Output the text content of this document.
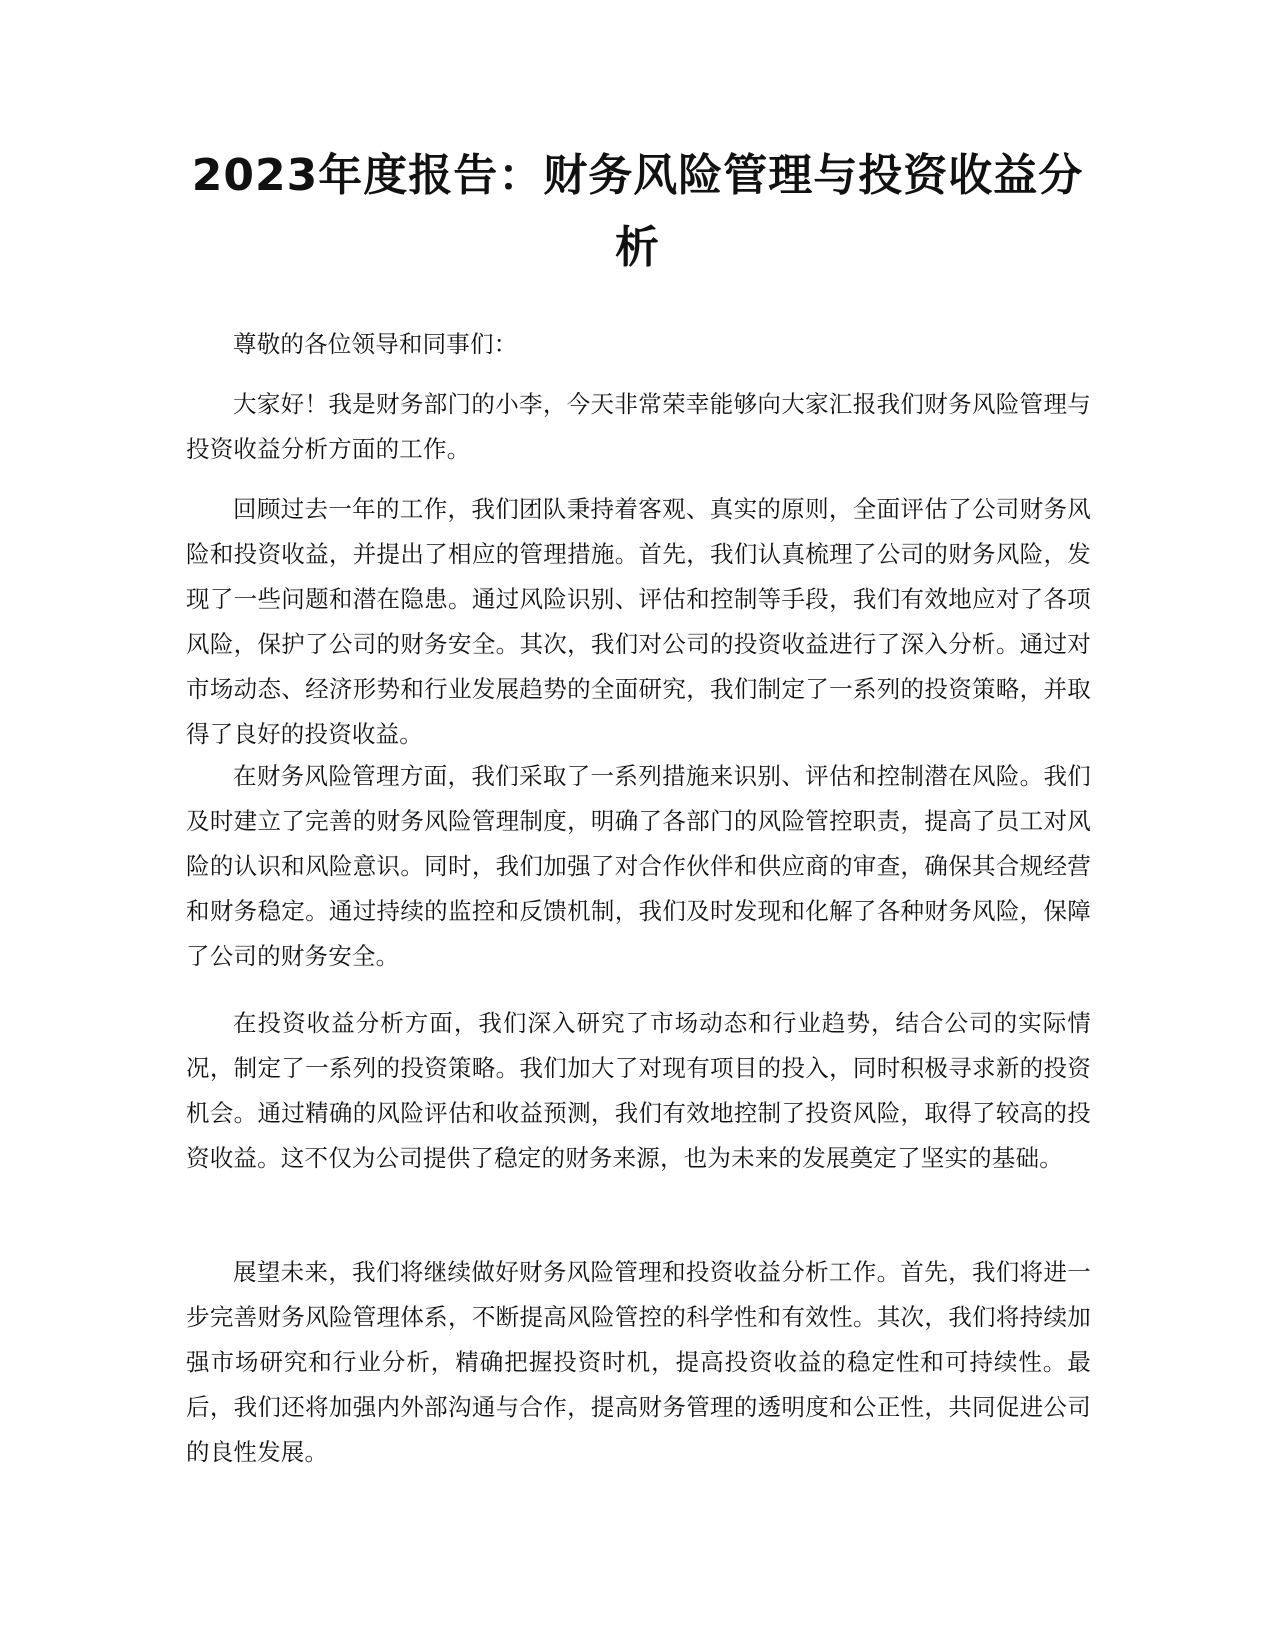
2023年度报告：财务风险管理与投资收益分析

尊敬的各位领导和同事们：

大家好！我是财务部门的小李，今天非常荣幸能够向大家汇报我们财务风险管理与投资收益分析方面的工作。

回顾过去一年的工作，我们团队秉持着客观、真实的原则，全面评估了公司财务风险和投资收益，并提出了相应的管理措施。首先，我们认真梳理了公司的财务风险，发现了一些问题和潜在隐患。通过风险识别、评估和控制等手段，我们有效地应对了各项风险，保护了公司的财务安全。其次，我们对公司的投资收益进行了深入分析。通过对市场动态、经济形势和行业发展趋势的全面研究，我们制定了一系列的投资策略，并取得了良好的投资收益。

在财务风险管理方面，我们采取了一系列措施来识别、评估和控制潜在风险。我们及时建立了完善的财务风险管理制度，明确了各部门的风险管控职责，提高了员工对风险的认识和风险意识。同时，我们加强了对合作伙伴和供应商的审查，确保其合规经营和财务稳定。通过持续的监控和反馈机制，我们及时发现和化解了各种财务风险，保障了公司的财务安全。

在投资收益分析方面，我们深入研究了市场动态和行业趋势，结合公司的实际情况，制定了一系列的投资策略。我们加大了对现有项目的投入，同时积极寻求新的投资机会。通过精确的风险评估和收益预测，我们有效地控制了投资风险，取得了较高的投资收益。这不仅为公司提供了稳定的财务来源，也为未来的发展奠定了坚实的基础。

展望未来，我们将继续做好财务风险管理和投资收益分析工作。首先，我们将进一步完善财务风险管理体系，不断提高风险管控的科学性和有效性。其次，我们将持续加强市场研究和行业分析，精确把握投资时机，提高投资收益的稳定性和可持续性。最后，我们还将加强内外部沟通与合作，提高财务管理的透明度和公正性，共同促进公司的良性发展。
